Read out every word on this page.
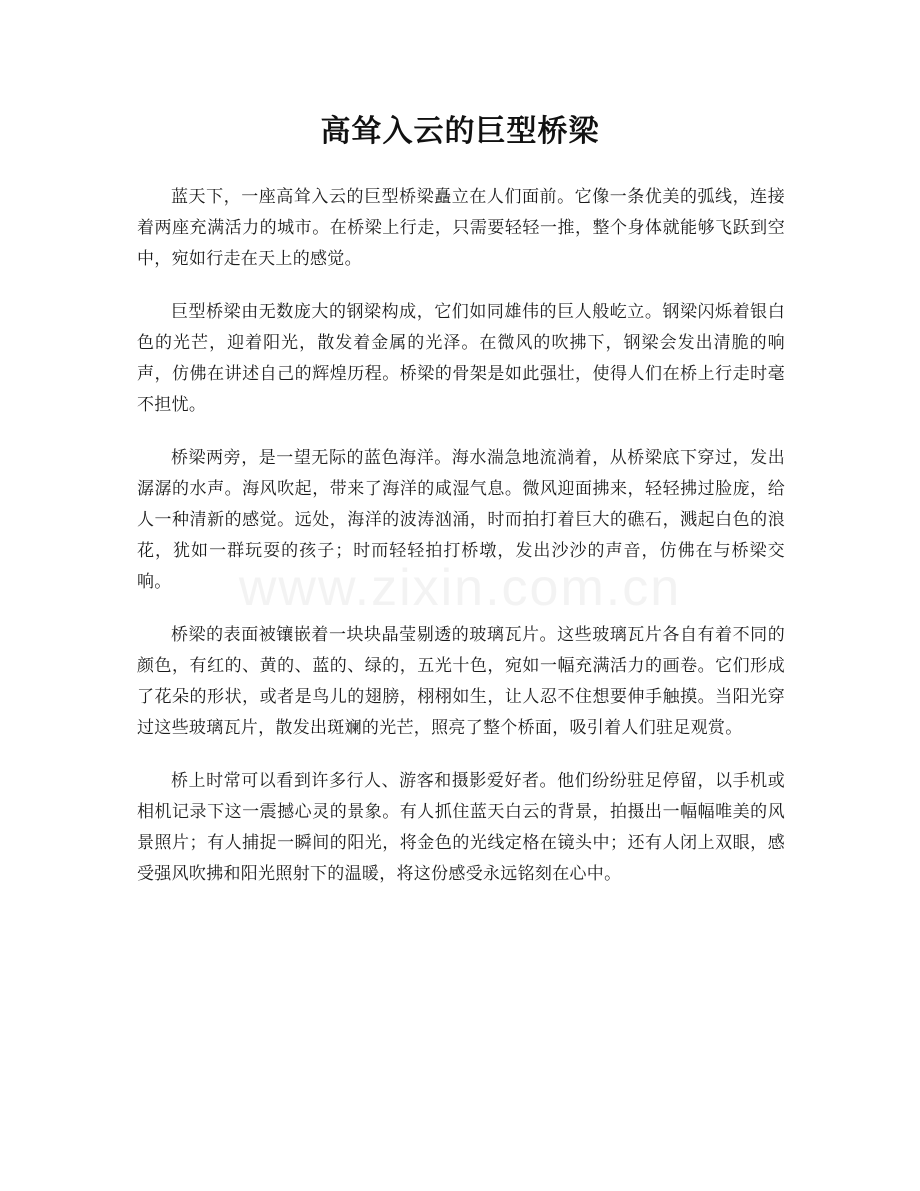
高耸入云的巨型桥梁
www.zixin.com.cn

蓝天下，一座高耸入云的巨型桥梁矗立在人们面前。它像一条优美的弧线，连接着两座充满活力的城市。在桥梁上行走，只需要轻轻一推，整个身体就能够飞跃到空中，宛如行走在天上的感觉。

巨型桥梁由无数庞大的钢梁构成，它们如同雄伟的巨人般屹立。钢梁闪烁着银白色的光芒，迎着阳光，散发着金属的光泽。在微风的吹拂下，钢梁会发出清脆的响声，仿佛在讲述自己的辉煌历程。桥梁的骨架是如此强壮，使得人们在桥上行走时毫不担忧。

桥梁两旁，是一望无际的蓝色海洋。海水湍急地流淌着，从桥梁底下穿过，发出潺潺的水声。海风吹起，带来了海洋的咸湿气息。微风迎面拂来，轻轻拂过脸庞，给人一种清新的感觉。远处，海洋的波涛汹涌，时而拍打着巨大的礁石，溅起白色的浪花，犹如一群玩耍的孩子；时而轻轻拍打桥墩，发出沙沙的声音，仿佛在与桥梁交响。

桥梁的表面被镶嵌着一块块晶莹剔透的玻璃瓦片。这些玻璃瓦片各自有着不同的颜色，有红的、黄的、蓝的、绿的，五光十色，宛如一幅充满活力的画卷。它们形成了花朵的形状，或者是鸟儿的翅膀，栩栩如生，让人忍不住想要伸手触摸。当阳光穿过这些玻璃瓦片，散发出斑斓的光芒，照亮了整个桥面，吸引着人们驻足观赏。

桥上时常可以看到许多行人、游客和摄影爱好者。他们纷纷驻足停留，以手机或相机记录下这一震撼心灵的景象。有人抓住蓝天白云的背景，拍摄出一幅幅唯美的风景照片；有人捕捉一瞬间的阳光，将金色的光线定格在镜头中；还有人闭上双眼，感受强风吹拂和阳光照射下的温暖，将这份感受永远铭刻在心中。
